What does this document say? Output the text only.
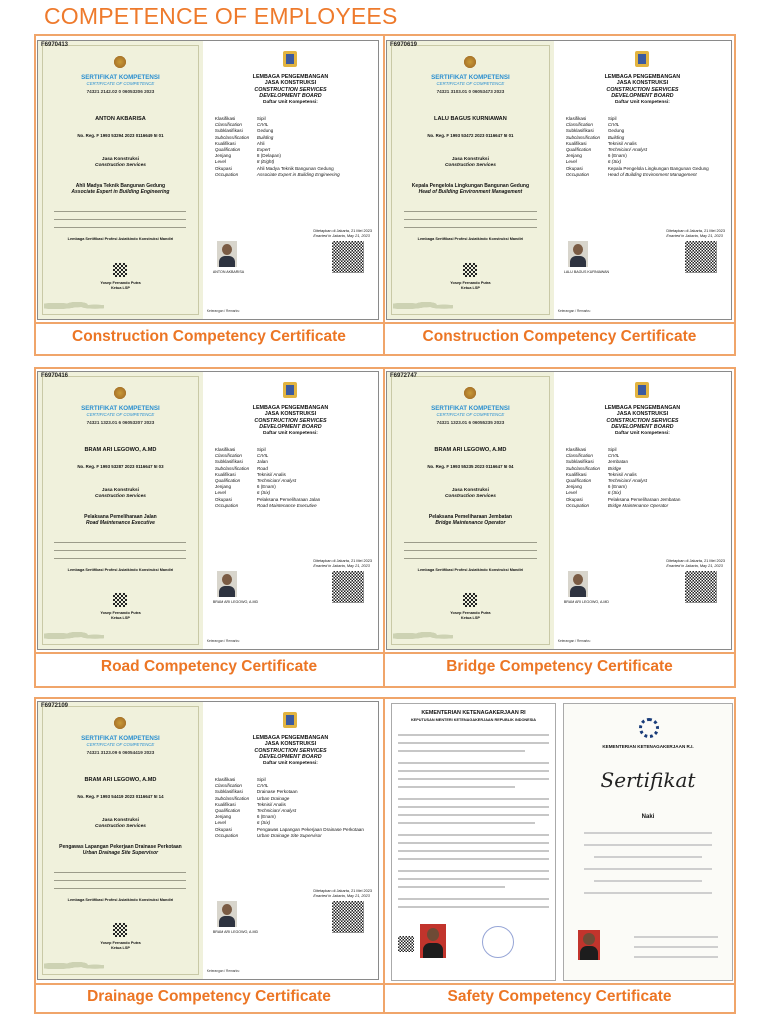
COMPETENCE OF EMPLOYEES
Construction Competency Certificate	Construction Competency Certificate
Road Competency Certificate	Bridge Competency Certificate
Drainage Competency Certificate	Safety Competency Certificate
F6970413
SERTIFIKAT KOMPETENSI
CERTIFICATE OF COMPETENCE
74321 2142.02 0 06053206 2023
ANTON AKBARISA
No. Reg. F 1993 53294 2023 0116649 5I 01
Jasa Konstruksi
Construction Services
Ahli Madya Teknik Bangunan Gedung
Associate Expert in Building Engineering
Lembaga Sertifikasi Profesi Asiatkindo Konstruksi Mandiri
Yosep Fernando Putra
Ketua LSP
LEMBAGA PENGEMBANGAN
JASA KONSTRUKSI
CONSTRUCTION SERVICES
DEVELOPMENT BOARD
Daftar Unit Kompetensi:
Klasifikasi	Sipil
Classification	CIVIL
Subklasifikasi	Gedung
Subclassification	Building
Kualifikasi	Ahli
Qualification	Expert
Jenjang	8 (Delapan)
Level	8 (Eight)
Okupasi	Ahli Madya Teknik Bangunan Gedung
Occupation	Associate Expert in Building Engineering
Ditetapkan di Jakarta, 21 Mei 2023
Enacted in Jakarta, May 21, 2023
ANTON AKBARISA
Keterangan / Remarks:
F6970619
SERTIFIKAT KOMPETENSI
CERTIFICATE OF COMPETENCE
74321 3103.01 0 06053473 2023
LALU BAGUS KURNIAWAN
No. Reg. F 1993 53472 2023 0116647 5I 01
Jasa Konstruksi
Construction Services
Kepala Pengelola Lingkungan Bangunan Gedung
Head of Building Environment Management
Lembaga Sertifikasi Profesi Asiatkindo Konstruksi Mandiri
Yosep Fernando Putra
Ketua LSP
LEMBAGA PENGEMBANGAN
JASA KONSTRUKSI
CONSTRUCTION SERVICES
DEVELOPMENT BOARD
Daftar Unit Kompetensi:
Klasifikasi	Sipil
Classification	CIVIL
Subklasifikasi	Gedung
Subclassification	Building
Kualifikasi	Teknisi/ Analis
Qualification	Technician/ Analyst
Jenjang	6 (Enam)
Level	6 (Six)
Okupasi	Kepala Pengelola Lingkungan Bangunan Gedung
Occupation	Head of Building Environment Management
Ditetapkan di Jakarta, 21 Mei 2023
Enacted in Jakarta, May 21, 2023
LALU BAGUS KURNIAWAN
Keterangan / Remarks:
F6970416
SERTIFIKAT KOMPETENSI
CERTIFICATE OF COMPETENCE
74321 1323.01 6 06053207 2023
BRAM ARI LEGOWO, A.MD
No. Reg. F 1993 53287 2023 0116647 5I 03
Jasa Konstruksi
Construction Services
Pelaksana Pemeliharaan Jalan
Road Maintenance Executive
Lembaga Sertifikasi Profesi Asiatkindo Konstruksi Mandiri
Yosep Fernando Putra
Ketua LSP
LEMBAGA PENGEMBANGAN
JASA KONSTRUKSI
CONSTRUCTION SERVICES
DEVELOPMENT BOARD
Daftar Unit Kompetensi:
Klasifikasi	Sipil
Classification	CIVIL
Subklasifikasi	Jalan
Subclassification	Road
Kualifikasi	Teknisi/ Analis
Qualification	Technician/ Analyst
Jenjang	6 (Enam)
Level	6 (Six)
Okupasi	Pelaksana Pemeliharaan Jalan
Occupation	Road Maintenance Executive
Ditetapkan di Jakarta, 21 Mei 2023
Enacted in Jakarta, May 21, 2023
BRAM ARI LEGOWO, A.MD
Keterangan / Remarks:
F6972747
SERTIFIKAT KOMPETENSI
CERTIFICATE OF COMPETENCE
74321 1323.01 6 06055235 2023
BRAM ARI LEGOWO, A.MD
No. Reg. F 1993 55235 2023 0116647 5I 04
Jasa Konstruksi
Construction Services
Pelaksana Pemeliharaan Jembatan
Bridge Maintenance Operator
Lembaga Sertifikasi Profesi Asiatkindo Konstruksi Mandiri
Yosep Fernando Putra
Ketua LSP
LEMBAGA PENGEMBANGAN
JASA KONSTRUKSI
CONSTRUCTION SERVICES
DEVELOPMENT BOARD
Daftar Unit Kompetensi:
Klasifikasi	Sipil
Classification	CIVIL
Subklasifikasi	Jembatan
Subclassification	Bridge
Kualifikasi	Teknisi/ Analis
Qualification	Technician/ Analyst
Jenjang	6 (Enam)
Level	6 (Six)
Okupasi	Pelaksana Pemeliharaan Jembatan
Occupation	Bridge Maintenance Operator
Ditetapkan di Jakarta, 21 Mei 2023
Enacted in Jakarta, May 21, 2023
BRAM ARI LEGOWO, A.MD
Keterangan / Remarks:
F6972109
SERTIFIKAT KOMPETENSI
CERTIFICATE OF COMPETENCE
74321 3123.09 6 06054419 2023
BRAM ARI LEGOWO, A.MD
No. Reg. F 1993 54419 2023 0116647 5I 14
Jasa Konstruksi
Construction Services
Pengawas Lapangan Pekerjaan Drainase Perkotaan
Urban Drainage Site Supervisor
Lembaga Sertifikasi Profesi Asiatkindo Konstruksi Mandiri
Yosep Fernando Putra
Ketua LSP
LEMBAGA PENGEMBANGAN
JASA KONSTRUKSI
CONSTRUCTION SERVICES
DEVELOPMENT BOARD
Daftar Unit Kompetensi:
Klasifikasi	Sipil
Classification	CIVIL
Subklasifikasi	Drainase Perkotaan
Subclassification	Urban Drainage
Kualifikasi	Teknisi/ Analis
Qualification	Technician/ Analyst
Jenjang	6 (Enam)
Level	6 (Six)
Okupasi	Pengawas Lapangan Pekerjaan Drainase Perkotaan
Occupation	Urban Drainage Site Supervisor
Ditetapkan di Jakarta, 21 Mei 2023
Enacted in Jakarta, May 21, 2023
BRAM ARI LEGOWO, A.MD
Keterangan / Remarks:
KEMENTERIAN KETENAGAKERJAAN RI
KEPUTUSAN MENTERI KETENAGAKERJAAN REPUBLIK INDONESIA
KEMENTERIAN KETENAGAKERJAAN R.I.
Sertifikat
Naki
